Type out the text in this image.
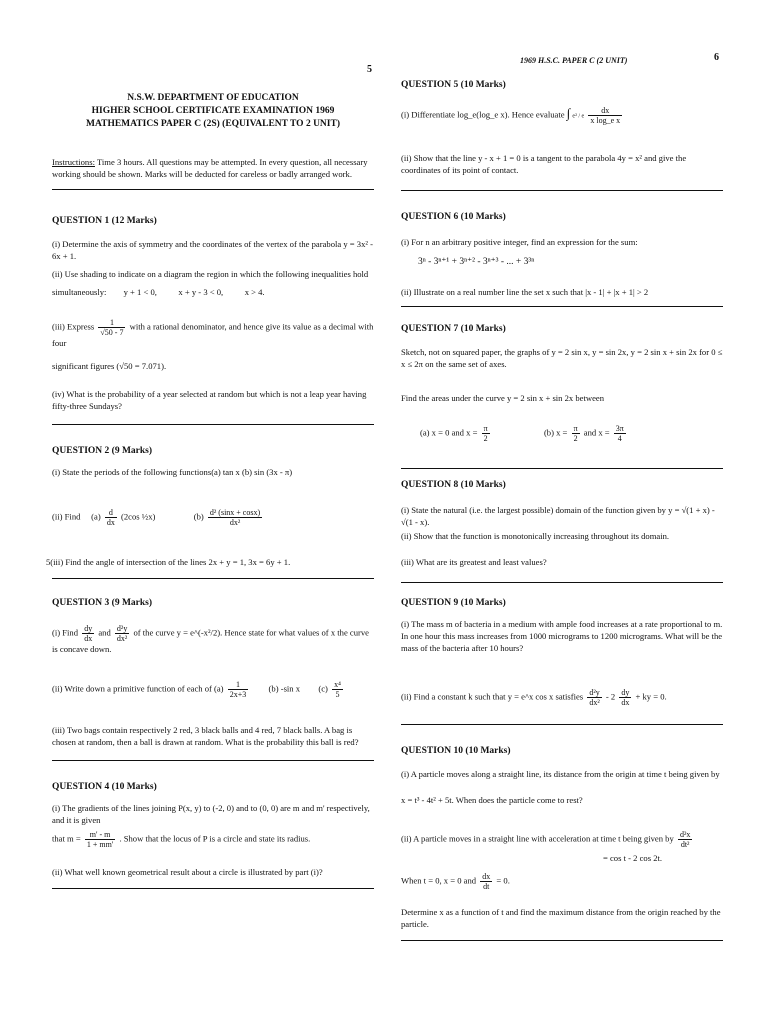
5
1969 H.S.C. PAPER C (2 UNIT)	6
N.S.W. DEPARTMENT OF EDUCATION
HIGHER SCHOOL CERTIFICATE EXAMINATION 1969
MATHEMATICS PAPER C (2S) (EQUIVALENT TO 2 UNIT)
Instructions: Time 3 hours. All questions may be attempted. In every question, all necessary working should be shown. Marks will be deducted for careless or badly arranged work.
QUESTION 1 (12 Marks)
(i) Determine the axis of symmetry and the coordinates of the vertex of the parabola y = 3x² - 6x + 1.
(ii) Use shading to indicate on a diagram the region in which the following inequalities hold
simultaneously:        y + 1 < 0,          x + y - 3 < 0,          x > 4.
(iii) Express $\frac{1}{√50 - 7}$ with a rational denominator, and hence give its value as a decimal with four
significant figures (√50 = 7.071).
(iv) What is the probability of a year selected at random but which is not a leap year having fifty-three Sundays?
QUESTION 2 (9 Marks)
(i) State the periods of the following functions(a) tan x (b) sin (3x - π)
(ii) Find     $(a) \frac{d}{dx} (2\cos$ ½x)	$(b) \frac{\text{d² (sinx + cosx)}}{\text{dx²}}$
5(iii) Find the angle of intersection of the lines 2x + y = 1, 3x = 6y + 1.
QUESTION 3 (9 Marks)
(i) Find $\frac{dy}{dx}$ and $\frac{\text{d²y}}{\text{dx²}}$ of the curve y = e^(-x²/2). Hence state for what values of x the curve is concave down.
(ii) Write down a primitive function of each of $(a) \frac{1}{2x+3} (b)$ -sin x $(c) \frac{\text{x⁴}}{5}$
(iii) Two bags contain respectively 2 red, 3 black balls and 4 red, 7 black balls. A bag is chosen at random, then a ball is drawn at random. What is the probability this ball is red?
QUESTION 4 (10 Marks)
(i) The gradients of the lines joining P(x, y) to (-2, 0) and to (0, 0) are m and m' respectively, and it is given
that $m = \frac{m' - m}{1 + mm'}$ . Show that the locus of P is a circle and state its radius.
(ii) What well known geometrical result about a circle is illustrated by part (i)?
QUESTION 5 (10 Marks)
(i) Differentiate log_e(log_e x). Hence evaluate ∫ e² / e $\frac{dx}{\text{x log\_e x}}$
(ii) Show that the line y - x + 1 = 0 is a tangent to the parabola 4y = x² and give the coordinates of its point of contact.
QUESTION 6 (10 Marks)
(i) For n an arbitrary positive integer, find an expression for the sum:
3ⁿ - 3ⁿ⁺¹ + 3ⁿ⁺² - 3ⁿ⁺³ - ... + 3³ⁿ
(ii) Illustrate on a real number line the set x such that |x - 1| + |x + 1| > 2
QUESTION 7 (10 Marks)
Sketch, not on squared paper, the graphs of y = 2 sin x, y = sin 2x, y = 2 sin x + sin 2x for 0 ≤ x ≤ 2π on the same set of axes.
Find the areas under the curve y = 2 sin x + sin 2x between
(a) x = 0 and $x = \frac{\pi}{2}$	(b) $x = \frac{\pi}{2}$ and $x = \frac{3\pi}{4}$
QUESTION 8 (10 Marks)
(i) State the natural (i.e. the largest possible) domain of the function given by y = √(1 + x) - √(1 - x).
(ii) Show that the function is monotonically increasing throughout its domain.
(iii) What are its greatest and least values?
QUESTION 9 (10 Marks)
(i) The mass m of bacteria in a medium with ample food increases at a rate proportional to m. In one hour this mass increases from 1000 micrograms to 1200 micrograms. What will be the mass of the bacteria after 10 hours?
(ii) Find a constant k such that y = e^x cos x satisfies $\frac{\text{d²y}}{\text{dx²}} - 2 \frac{dy}{dx}$ + ky = 0.
QUESTION 10 (10 Marks)
(i) A particle moves along a straight line, its distance from the origin at time t being given by
x = t³ - 4t² + 5t. When does the particle come to rest?
(ii) A particle moves in a straight line with acceleration at time t being given by $\frac{\text{d²x}}{\text{dt²}}$
= cos t - 2 cos 2t.
When t = 0, x = 0 and $\frac{dx}{dt} = 0$.
Determine x as a function of t and find the maximum distance from the origin reached by the particle.
